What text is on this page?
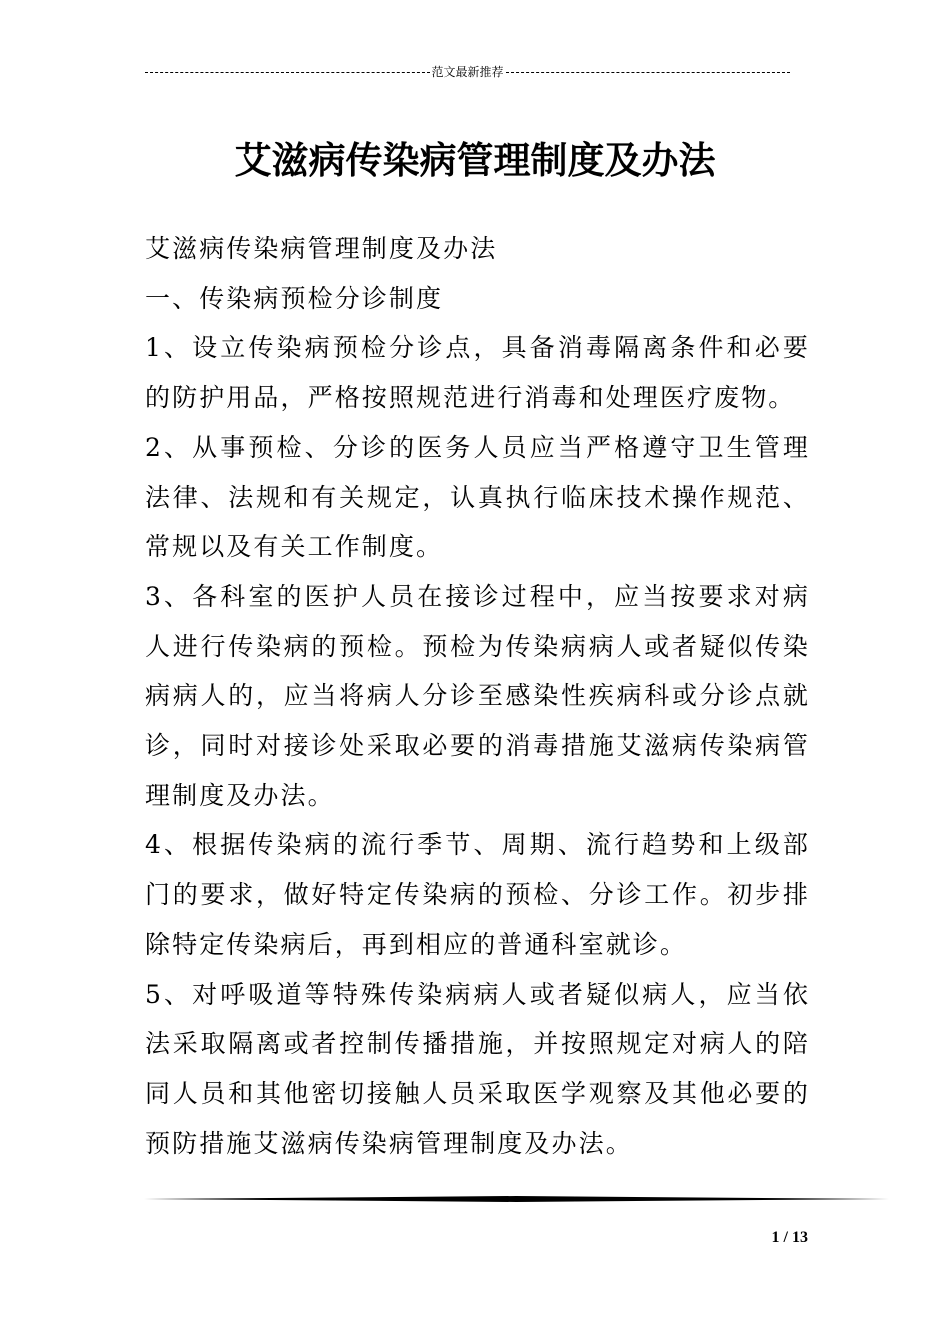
范文最新推荐
艾滋病传染病管理制度及办法

艾滋病传染病管理制度及办法

一、传染病预检分诊制度

1、设立传染病预检分诊点，具备消毒隔离条件和必要的防护用品，严格按照规范进行消毒和处理医疗废物。

2、从事预检、分诊的医务人员应当严格遵守卫生管理法律、法规和有关规定，认真执行临床技术操作规范、常规以及有关工作制度。

3、各科室的医护人员在接诊过程中，应当按要求对病人进行传染病的预检。预检为传染病病人或者疑似传染病病人的，应当将病人分诊至感染性疾病科或分诊点就诊，同时对接诊处采取必要的消毒措施艾滋病传染病管理制度及办法。

4、根据传染病的流行季节、周期、流行趋势和上级部门的要求，做好特定传染病的预检、分诊工作。初步排除特定传染病后，再到相应的普通科室就诊。

5、对呼吸道等特殊传染病病人或者疑似病人，应当依法采取隔离或者控制传播措施，并按照规定对病人的陪同人员和其他密切接触人员采取医学观察及其他必要的预防措施艾滋病传染病管理制度及办法。

1 / 13
